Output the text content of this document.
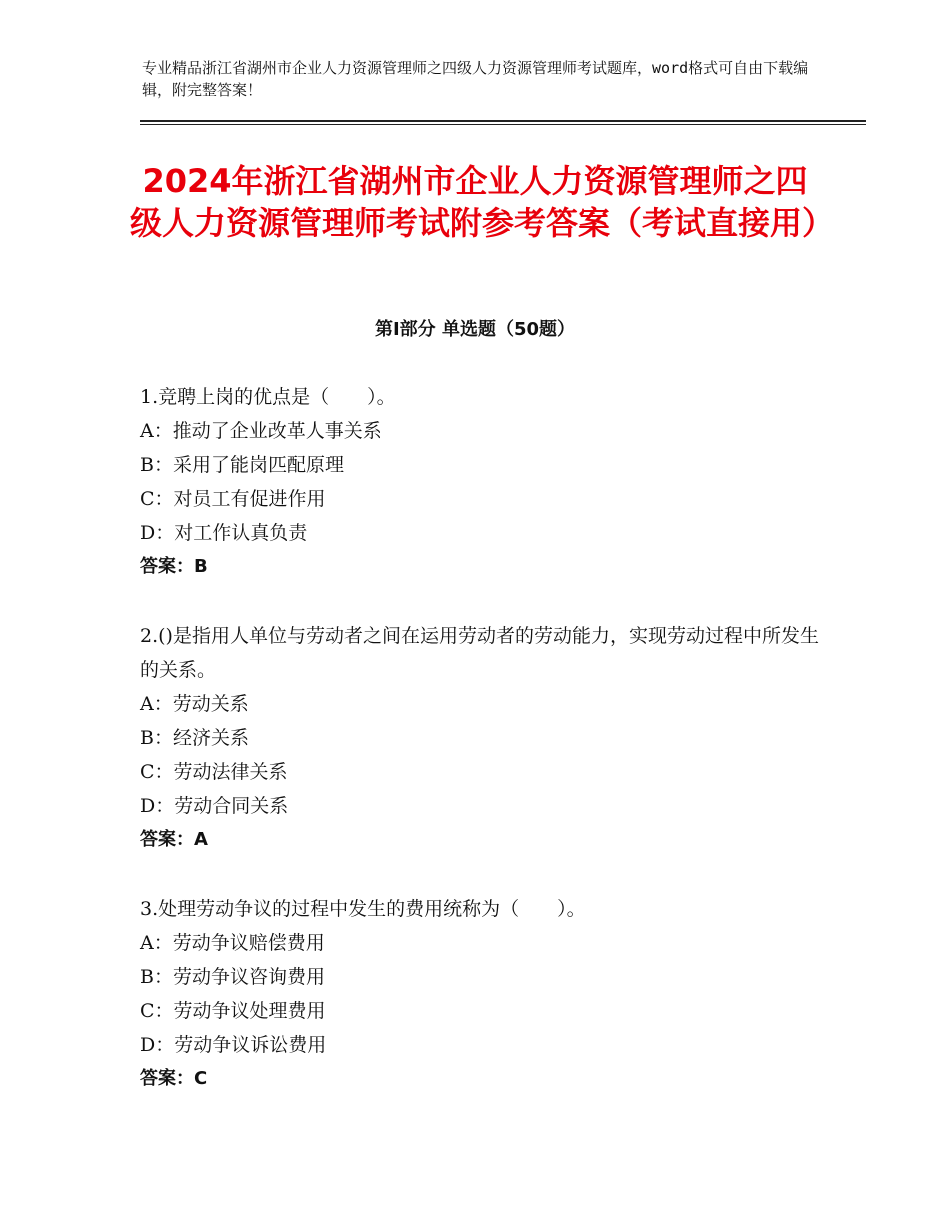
专业精品浙江省湖州市企业人力资源管理师之四级人力资源管理师考试题库，word格式可自由下载编辑，附完整答案！
2024年浙江省湖州市企业人力资源管理师之四级人力资源管理师考试附参考答案（考试直接用）
第Ⅰ部分 单选题（50题）
1.竞聘上岗的优点是（　　）。
A：推动了企业改革人事关系
B：采用了能岗匹配原理
C：对员工有促进作用
D：对工作认真负责
答案：B
2.()是指用人单位与劳动者之间在运用劳动者的劳动能力，实现劳动过程中所发生的关系。
A：劳动关系
B：经济关系
C：劳动法律关系
D：劳动合同关系
答案：A
3.处理劳动争议的过程中发生的费用统称为（　　）。
A：劳动争议赔偿费用
B：劳动争议咨询费用
C：劳动争议处理费用
D：劳动争议诉讼费用
答案：C
